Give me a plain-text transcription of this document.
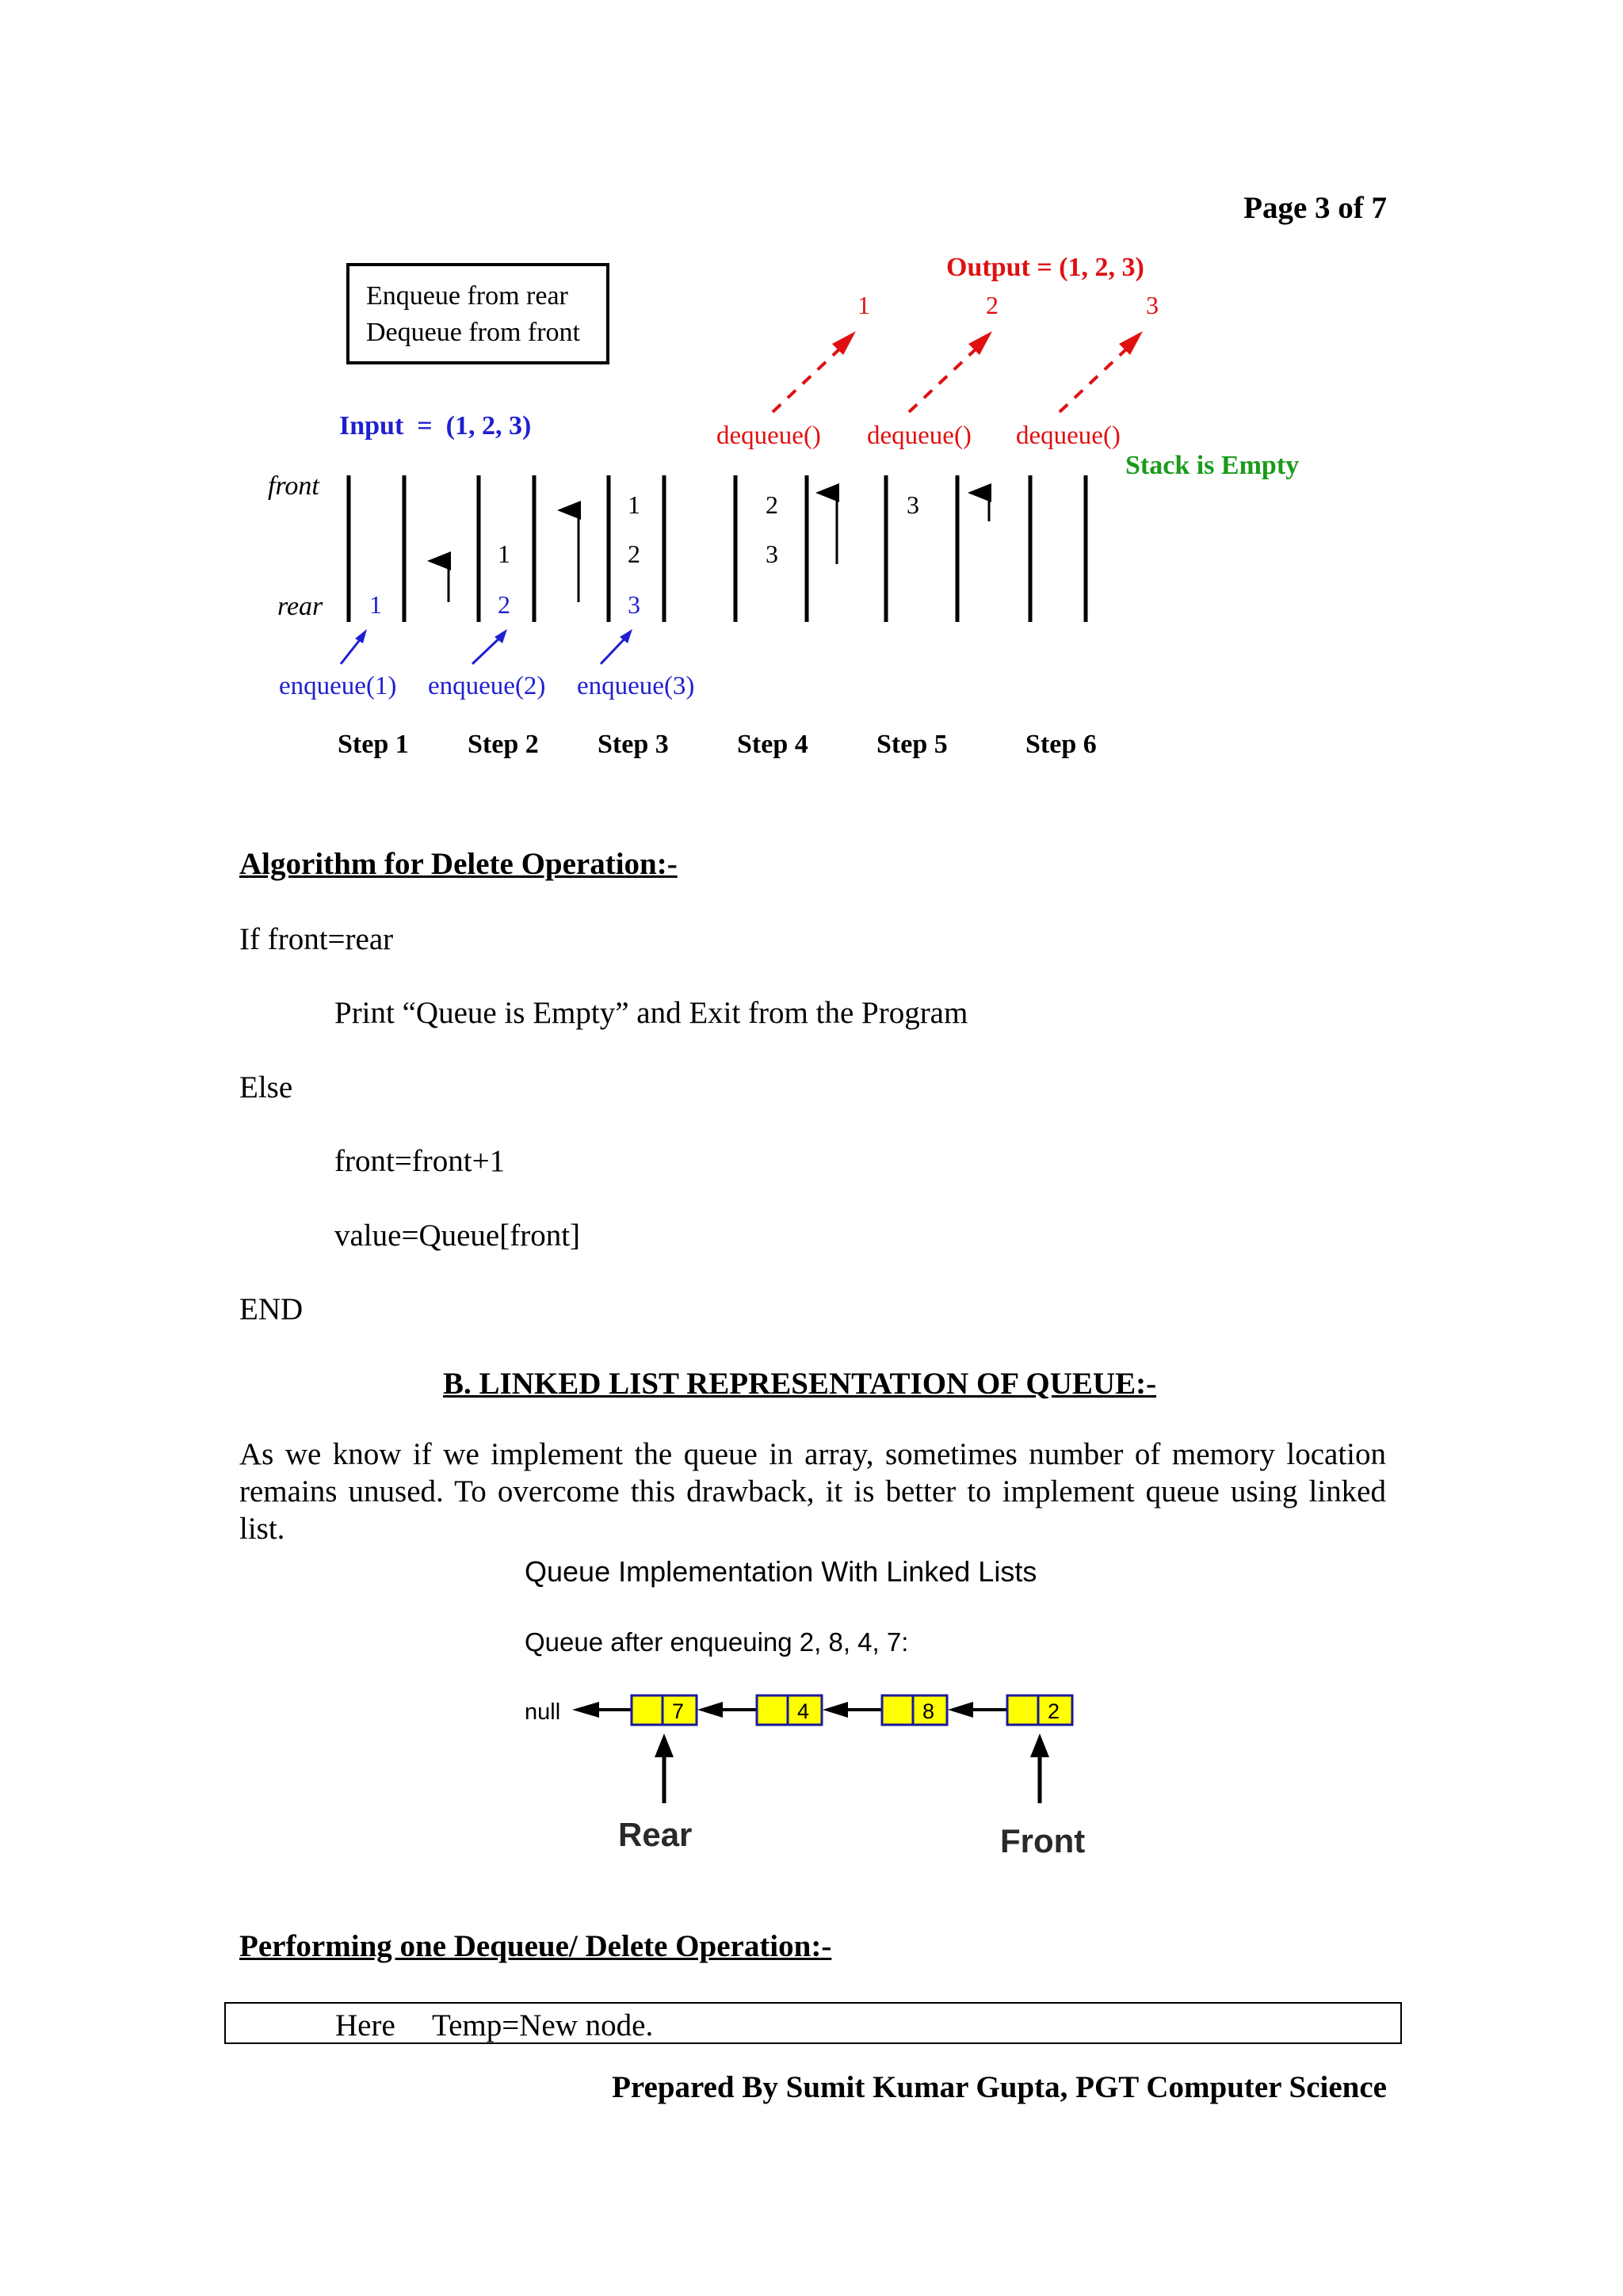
Page 3 of 7
Enqueue from rear
Dequeue from front
Input  =  (1, 2, 3)
Output = (1, 2, 3)
1	2	3
dequeue() dequeue() dequeue()
Stack is Empty
front
rear 1
1
2
1
2
3
2
3
3
enqueue(1) enqueue(2) enqueue(3)
Step 1 Step 2 Step 3	Step 4	Step 5	Step 6
Algorithm for Delete Operation:-
If front=rear
Print “Queue is Empty” and Exit from the Program
Else
front=front+1
value=Queue[front]
END
B. LINKED LIST REPRESENTATION OF QUEUE:-
As we know if we implement the queue in array, sometimes number of memory location remains unused. To overcome this drawback, it is better to implement queue using linked list.
Queue Implementation With Linked Lists
Queue after enqueuing 2, 8, 4, 7:
null	7	4	8	2
Rear	Front
Performing one Dequeue/ Delete Operation:-
Here Temp=New node.
Prepared By Sumit Kumar Gupta, PGT Computer Science
